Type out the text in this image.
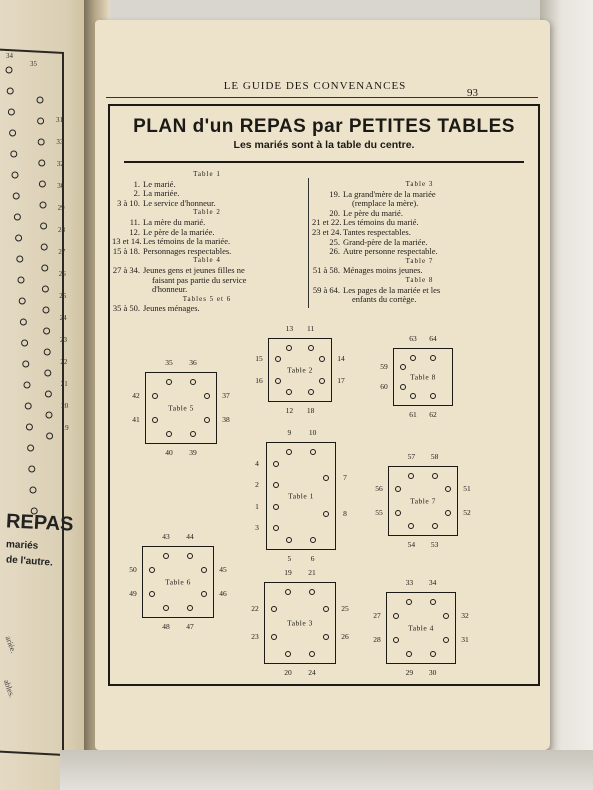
34
35
31
33
32
30
29
28
27
26
25
24
23
22
21
20
19
REPAS
mariés
de l'autre.
ariée.
ables.
LE GUIDE DES CONVENANCES
93
PLAN d'un REPAS par PETITES TABLES
Les mariés sont à la table du centre.
Table 1
1. Le marié.
2. La mariée.
3 à 10. Le service d'honneur.
Table 2
11. La mère du marié.
12. Le père de la mariée.
13 et 14.Les témoins de la mariée.
15 à 18. Personnages respectables.
Table 4
27 à 34. Jeunes gens et jeunes filles ne
faisant pas partie du service
d'honneur.
Tables 5 et 6
35 à 50. Jeunes ménages.
Table 3
19. La grand'mère de la mariée
(remplace la mère).
20. Le père du marié.
21 et 22.Les témoins du marié.
23 et 24.Tantes respectables.
25. Grand-père de la mariée.
26. Autre personne respectable.
Table 7
51 à 58. Ménages moins jeunes.
Table 8
59 à 64. Les pages de la mariée et les
enfants du cortège.
Table 1
9	10
5	6
4
2
1
3
7
8
Table 2
13	11
12	18
15
16
14
17
Table 3
19	21
20	24
22
23
25
26
Table 4
33	34
29	30
27
28
32
31
Table 5
35	36
40	39
42
41
37
38
Table 6
43	44
48	47
50
49
45
46
Table 7
57	58
54	53
56
55
51
52
Table 8
63	64
61	62
59
60
